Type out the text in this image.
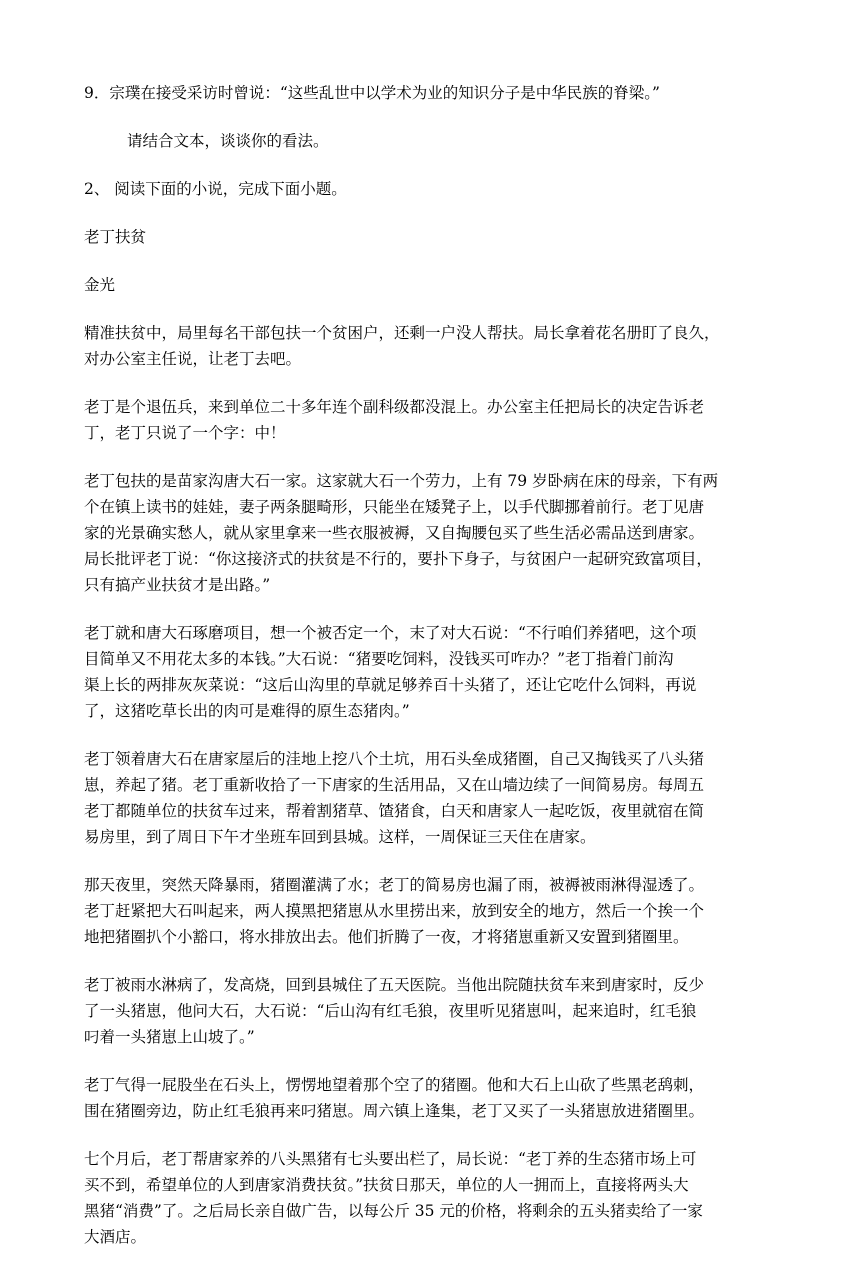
9．宗璞在接受采访时曾说：“这些乱世中以学术为业的知识分子是中华民族的脊梁。”
请结合文本，谈谈你的看法。
2、 阅读下面的小说，完成下面小题。
老丁扶贫
金光
精准扶贫中，局里每名干部包扶一个贫困户，还剩一户没人帮扶。局长拿着花名册盯了良久，
对办公室主任说，让老丁去吧。
老丁是个退伍兵，来到单位二十多年连个副科级都没混上。办公室主任把局长的决定告诉老
丁，老丁只说了一个字：中！
老丁包扶的是苗家沟唐大石一家。这家就大石一个劳力，上有 79 岁卧病在床的母亲，下有两
个在镇上读书的娃娃，妻子两条腿畸形，只能坐在矮凳子上，以手代脚挪着前行。老丁见唐
家的光景确实愁人，就从家里拿来一些衣服被褥，又自掏腰包买了些生活必需品送到唐家。
局长批评老丁说：“你这接济式的扶贫是不行的，要扑下身子，与贫困户一起研究致富项目，
只有搞产业扶贫才是出路。”
老丁就和唐大石琢磨项目，想一个被否定一个，末了对大石说：“不行咱们养猪吧，这个项
目简单又不用花太多的本钱。”大石说：“猪要吃饲料，没钱买可咋办？”老丁指着门前沟
渠上长的两排灰灰菜说：“这后山沟里的草就足够养百十头猪了，还让它吃什么饲料，再说
了，这猪吃草长出的肉可是难得的原生态猪肉。”
老丁领着唐大石在唐家屋后的洼地上挖八个土坑，用石头垒成猪圈，自己又掏钱买了八头猪
崽，养起了猪。老丁重新收拾了一下唐家的生活用品，又在山墙边续了一间简易房。每周五
老丁都随单位的扶贫车过来，帮着割猪草、馇猪食，白天和唐家人一起吃饭，夜里就宿在简
易房里，到了周日下午才坐班车回到县城。这样，一周保证三天住在唐家。
那天夜里，突然天降暴雨，猪圈灌满了水；老丁的简易房也漏了雨，被褥被雨淋得湿透了。
老丁赶紧把大石叫起来，两人摸黑把猪崽从水里捞出来，放到安全的地方，然后一个挨一个
地把猪圈扒个小豁口，将水排放出去。他们折腾了一夜，才将猪崽重新又安置到猪圈里。
老丁被雨水淋病了，发高烧，回到县城住了五天医院。当他出院随扶贫车来到唐家时，反少
了一头猪崽，他问大石，大石说：“后山沟有红毛狼，夜里听见猪崽叫，起来追时，红毛狼
叼着一头猪崽上山坡了。”
老丁气得一屁股坐在石头上，愣愣地望着那个空了的猪圈。他和大石上山砍了些黑老鸹刺，
围在猪圈旁边，防止红毛狼再来叼猪崽。周六镇上逢集，老丁又买了一头猪崽放进猪圈里。
七个月后，老丁帮唐家养的八头黑猪有七头要出栏了，局长说：“老丁养的生态猪市场上可
买不到，希望单位的人到唐家消费扶贫。”扶贫日那天，单位的人一拥而上，直接将两头大
黑猪“消费”了。之后局长亲自做广告，以每公斤 35 元的价格，将剩余的五头猪卖给了一家
大酒店。
